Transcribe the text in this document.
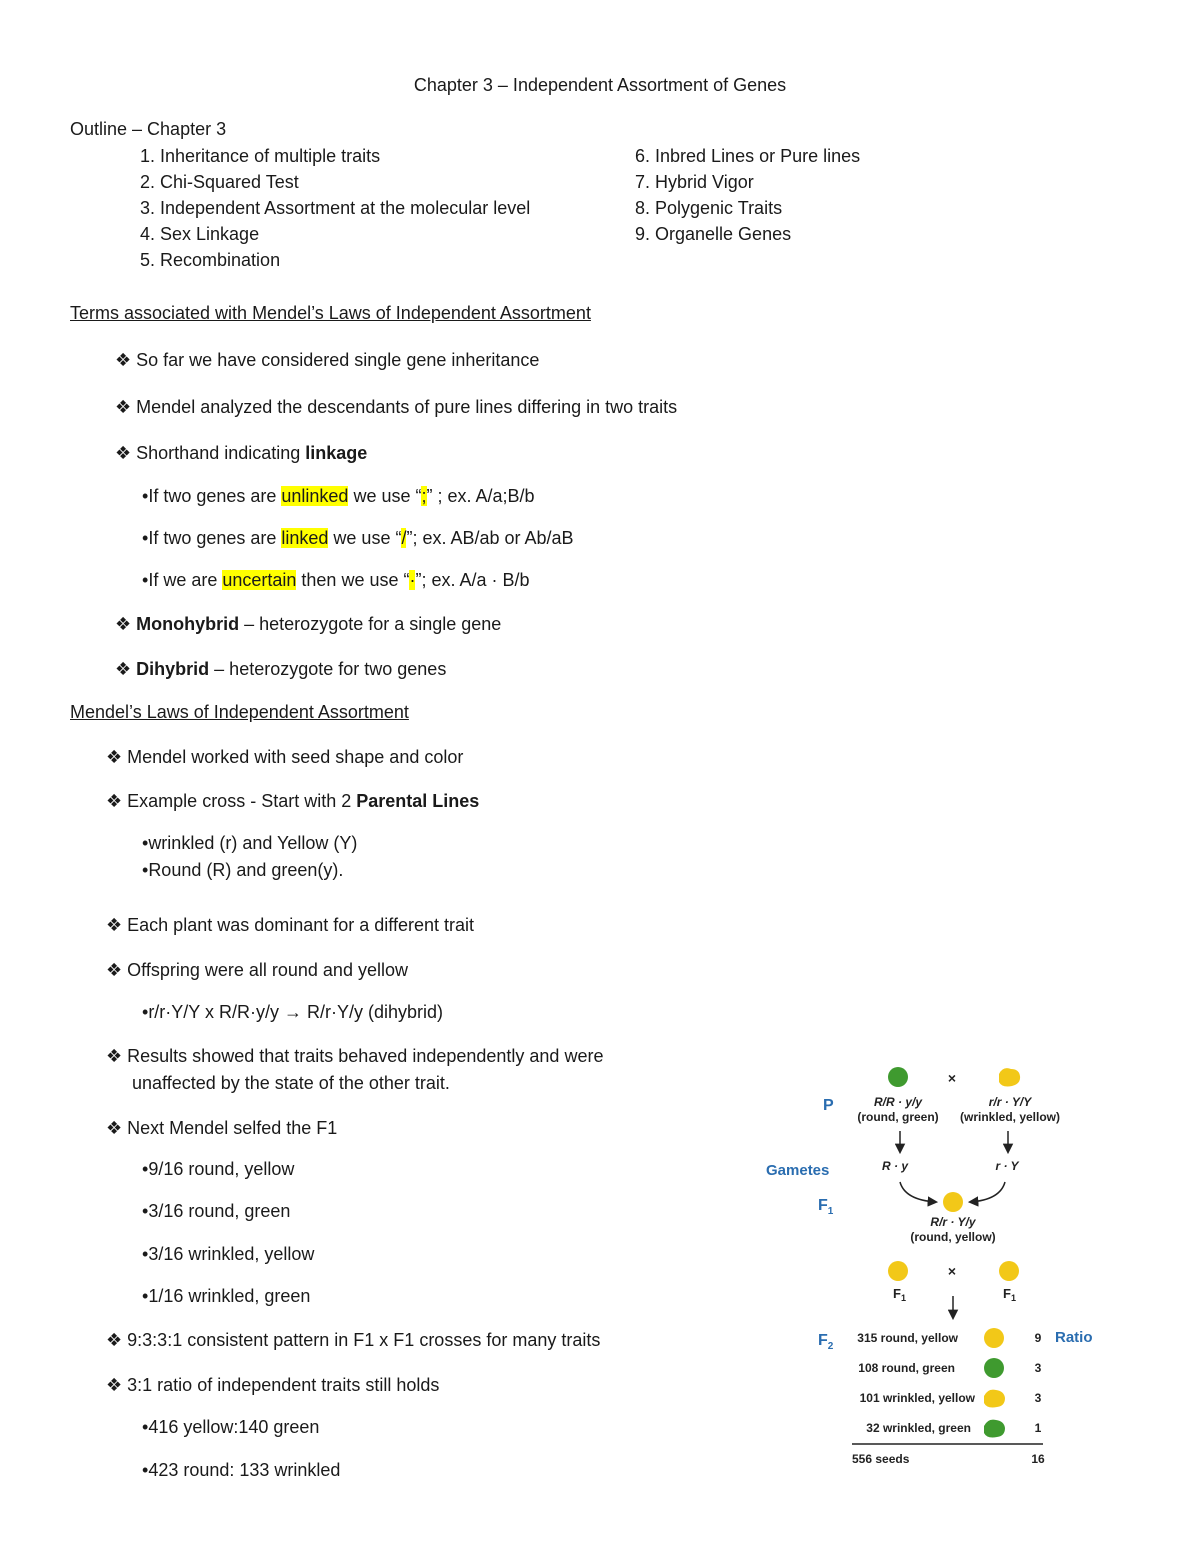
Chapter 3 – Independent Assortment of Genes
Outline – Chapter 3
1. Inheritance of multiple traits
2. Chi-Squared Test
3. Independent Assortment at the molecular level
4. Sex Linkage
5. Recombination
6. Inbred Lines or Pure lines
7. Hybrid Vigor
8. Polygenic Traits
9. Organelle Genes
Terms associated with Mendel’s Laws of Independent Assortment
❖ So far we have considered single gene inheritance
❖ Mendel analyzed the descendants of pure lines differing in two traits
❖ Shorthand indicating linkage
•If two genes are unlinked we use “;” ; ex. A/a;B/b
•If two genes are linked we use “/”; ex. AB/ab or Ab/aB
•If we are uncertain then we use “·”; ex. A/a · B/b
❖ Monohybrid – heterozygote for a single gene
❖ Dihybrid – heterozygote for two genes
Mendel’s Laws of Independent Assortment
❖ Mendel worked with seed shape and color
❖ Example cross - Start with 2 Parental Lines
•wrinkled (r) and Yellow (Y)
•Round (R) and green(y).
❖ Each plant was dominant for a different trait
❖ Offspring were all round and yellow
•r/r·Y/Y x R/R·y/y → R/r·Y/y (dihybrid)
❖ Results showed that traits behaved independently and were
unaffected by the state of the other trait.
❖ Next Mendel selfed the F1
•9/16 round, yellow
•3/16 round, green
•3/16 wrinkled, yellow
•1/16 wrinkled, green
❖ 9:3:3:1 consistent pattern in F1 x F1 crosses for many traits
❖ 3:1 ratio of independent traits still holds
•416 yellow:140 green
•423 round: 133 wrinkled
P
Gametes
$F_1$
$F_2$
×
R/R · y/y
(round, green)
r/r · Y/Y
(wrinkled, yellow)
R · y	r · Y
R/r · Y/y
(round, yellow)
×
$F_1$	$F_1$
Ratio
315 round, yellow	9
108 round, green	3
101 wrinkled, yellow	3
32 wrinkled, green	1
556 seeds	16
